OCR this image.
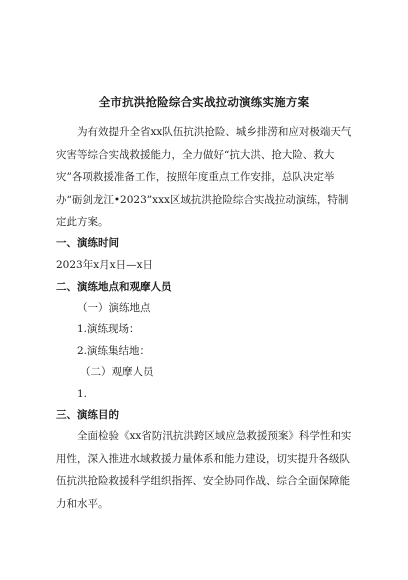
全市抗洪抢险综合实战拉动演练实施方案

为有效提升全省xx队伍抗洪抢险、城乡排涝和应对极端天气灾害等综合实战救援能力，全力做好“抗大洪、抢大险、救大灾”各项救援准备工作，按照年度重点工作安排，总队决定举办“砺剑龙江•2023”xxx区域抗洪抢险综合实战拉动演练，特制定此方案。

一、演练时间

2023年x月x日—x日

二、演练地点和观摩人员

（一）演练地点

1.演练现场：

2.演练集结地：

（二）观摩人员

1.

三、演练目的

全面检验《xx省防汛抗洪跨区域应急救援预案》科学性和实用性，深入推进水域救援力量体系和能力建设，切实提升各级队伍抗洪抢险救援科学组织指挥、安全协同作战、综合全面保障能力和水平。
